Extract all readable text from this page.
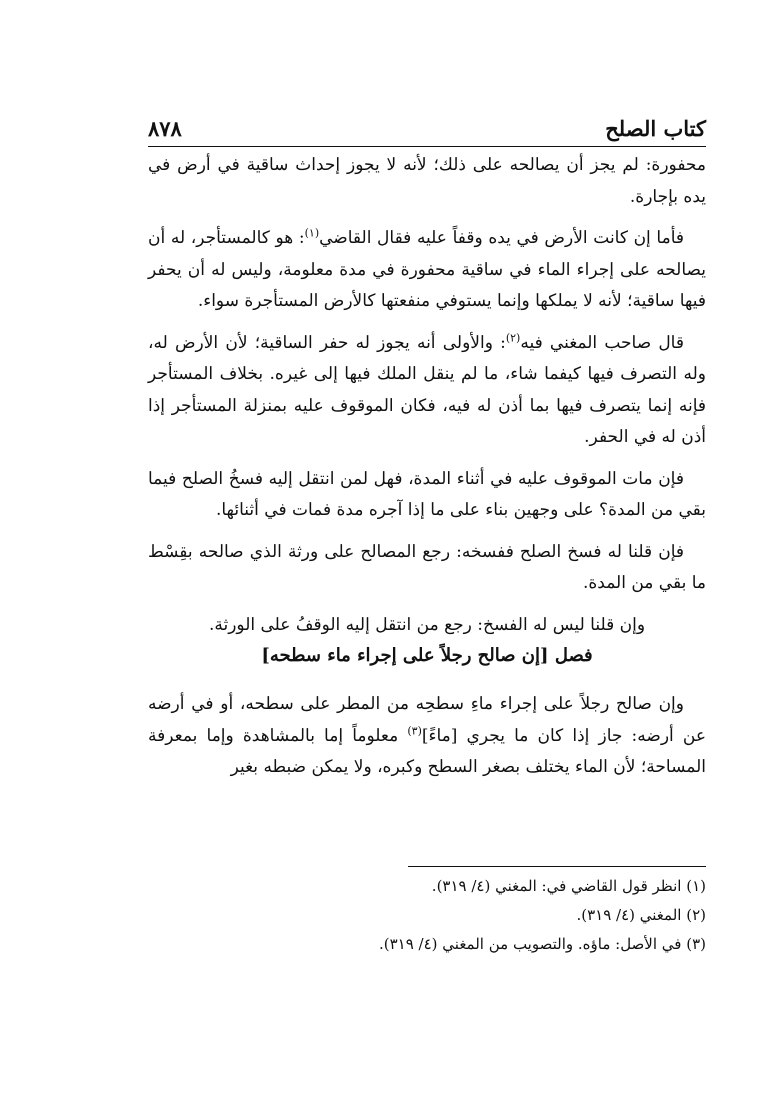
كتاب الصلح
٨٧٨

محفورة: لم يجز أن يصالحه على ذلك؛ لأنه لا يجوز إحداث ساقية في أرض في يده بإجارة.

فأما إن كانت الأرض في يده وقفاً عليه فقال القاضي$^{(١)}$: هو كالمستأجر، له أن يصالحه على إجراء الماء في ساقية محفورة في مدة معلومة، وليس له أن يحفر فيها ساقية؛ لأنه لا يملكها وإنما يستوفي منفعتها كالأرض المستأجرة سواء.

قال صاحب المغني فيه$^{(٢)}$: والأولى أنه يجوز له حفر الساقية؛ لأن الأرض له، وله التصرف فيها كيفما شاء، ما لم ينقل الملك فيها إلى غيره. بخلاف المستأجر فإنه إنما يتصرف فيها بما أذن له فيه، فكان الموقوف عليه بمنزلة المستأجر إذا أذن له في الحفر.

فإن مات الموقوف عليه في أثناء المدة، فهل لمن انتقل إليه فسخُ الصلح فيما بقي من المدة؟ على وجهين بناء على ما إذا آجره مدة فمات في أثنائها.

فإن قلنا له فسخ الصلح ففسخه: رجع المصالح على ورثة الذي صالحه بقِسْط ما بقي من المدة.

وإن قلنا ليس له الفسخ: رجع من انتقل إليه الوقفُ على الورثة.

فصل [إن صالح رجلاً على إجراء ماء سطحه]

وإن صالح رجلاً على إجراء ماءِ سطحِه من المطر على سطحه، أو في أرضه عن أرضه: جاز إذا كان ما يجري [ماءً]$^{(٣)}$ معلوماً إما بالمشاهدة وإما بمعرفة المساحة؛ لأن الماء يختلف بصغر السطح وكبره، ولا يمكن ضبطه بغير

(١) انظر قول القاضي في: المغني (٤/ ٣١٩).

(٢) المغني (٤/ ٣١٩).

(٣) في الأصل: ماؤه. والتصويب من المغني (٤/ ٣١٩).
